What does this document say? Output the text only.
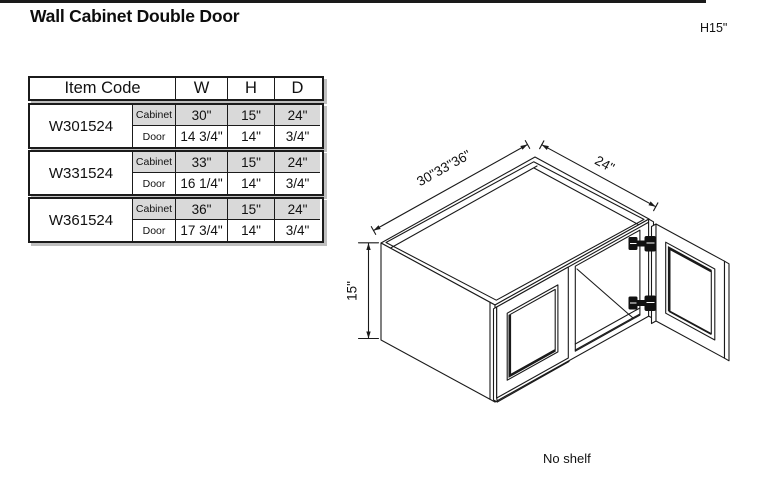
Wall Cabinet Double Door
H15"
Item Code	W	H	D
W301524
Cabinet	30"	15"	24"
Door	14 3/4"	14"	3/4"
W331524
Cabinet	33"	15"	24"
Door	16 1/4"	14"	3/4"
W361524
Cabinet	36"	15"	24"
Door	17 3/4"	14"	3/4"
30"33"36"	24"
15"
No shelf
